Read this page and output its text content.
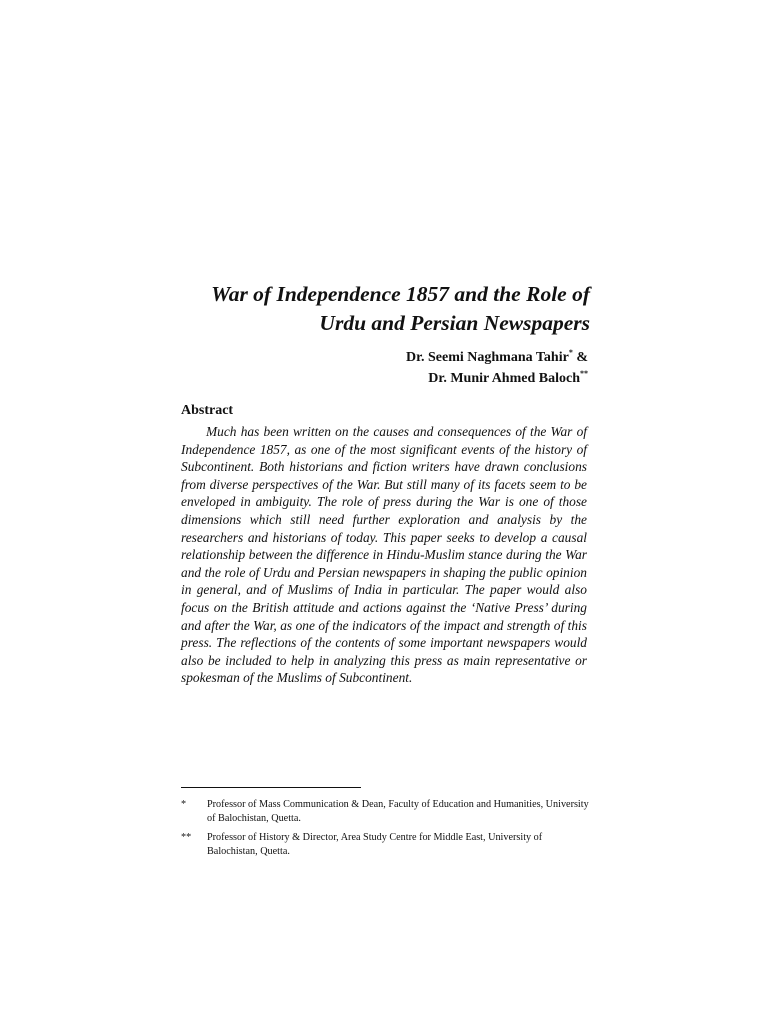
War of Independence 1857 and the Role of
Urdu and Persian Newspapers
Dr. Seemi Naghmana Tahir* &
Dr. Munir Ahmed Baloch**
Abstract

Much has been written on the causes and consequences of the War of Independence 1857, as one of the most significant events of the history of Subcontinent. Both historians and fiction writers have drawn conclusions from diverse perspectives of the War. But still many of its facets seem to be enveloped in ambiguity. The role of press during the War is one of those dimensions which still need further exploration and analysis by the researchers and historians of today. This paper seeks to develop a causal relationship between the difference in Hindu-Muslim stance during the War and the role of Urdu and Persian newspapers in shaping the public opinion in general, and of Muslims of India in particular. The paper would also focus on the British attitude and actions against the ‘Native Press’ during and after the War, as one of the indicators of the impact and strength of this press. The reflections of the contents of some important newspapers would also be included to help in analyzing this press as main representative or spokesman of the Muslims of Subcontinent.

*	Professor of Mass Communication & Dean, Faculty of Education and Humanities, University of Balochistan, Quetta.
**	Professor of History & Director, Area Study Centre for Middle East, University of Balochistan, Quetta.
